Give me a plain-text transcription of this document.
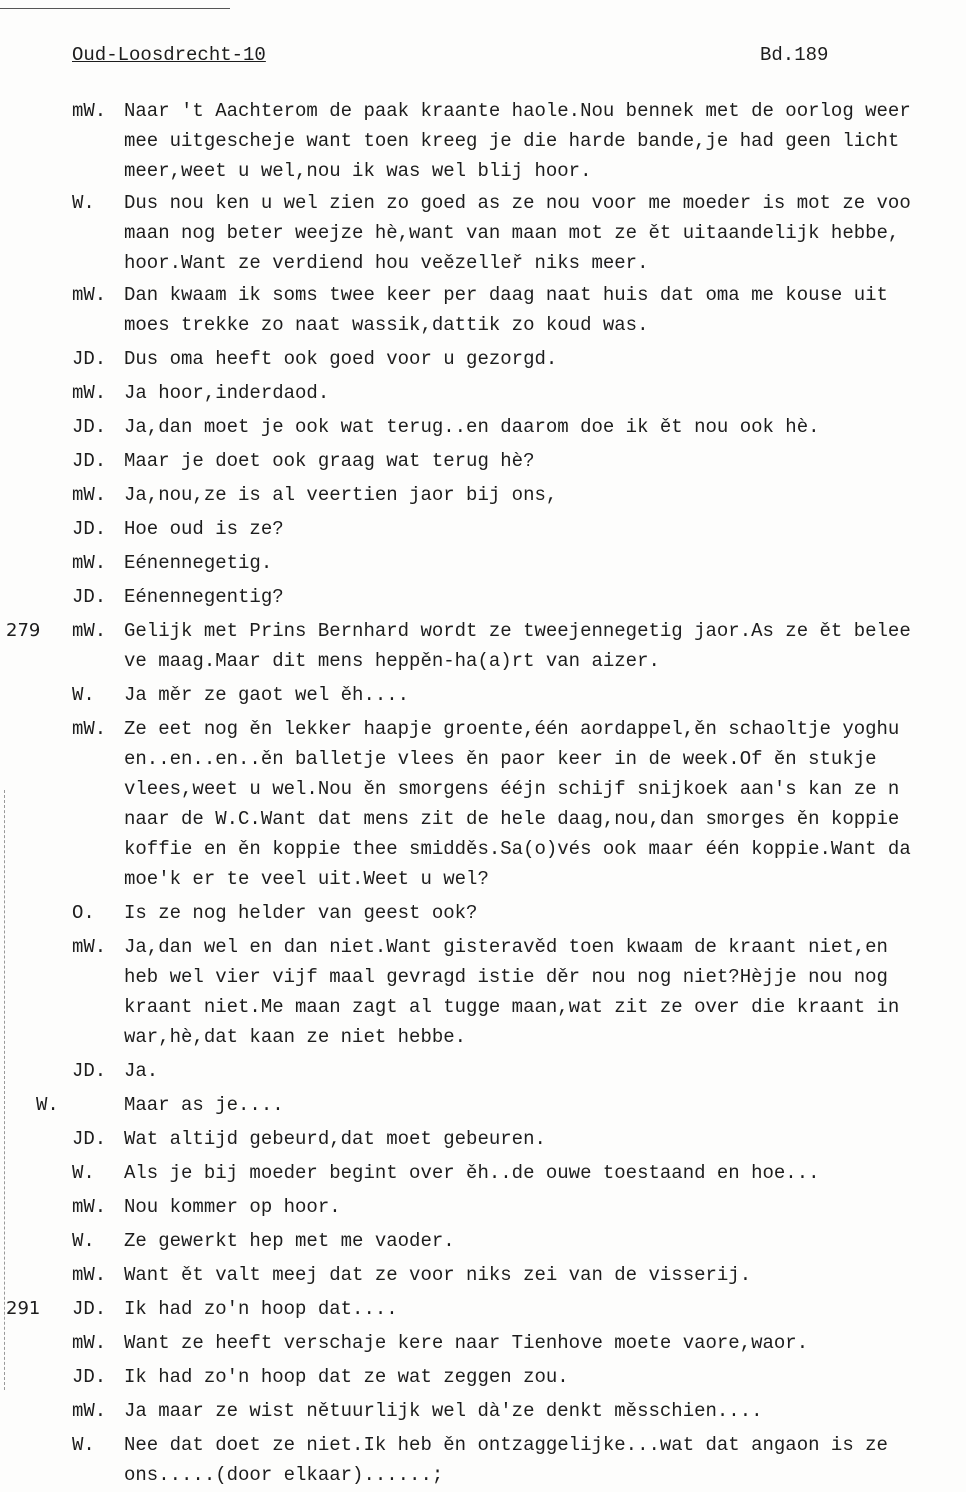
Oud-Loosdrecht-10	Bd.189
Naar 't Aachterom de paak kraante haole.Nou bennek met de oorlog weer
mW.
mee uitgescheje want toen kreeg je die harde bande,je had geen licht
meer,weet u wel,nou ik was wel blij hoor.
Dus nou ken u wel zien zo goed as ze nou voor me moeder is mot ze voo
W.
maan nog beter weejze hè,want van maan mot ze ět uitaandelijk hebbe,
hoor.Want ze verdiend hou veězelleř niks meer.
Dan kwaam ik soms twee keer per daag naat huis dat oma me kouse uit
mW.
moes trekke zo naat wassik,dattik zo koud was.
Dus oma heeft ook goed voor u gezorgd.
JD.
Ja hoor,inderdaod.
mW.
Ja,dan moet je ook wat terug..en daarom doe ik ět nou ook hè.
JD.
Maar je doet ook graag wat terug hè?
JD.
Ja,nou,ze is al veertien jaor bij ons,
mW.
Hoe oud is ze?
JD.
Eénennegetig.
mW.
Eénennegentig?
JD.
Gelijk met Prins Bernhard wordt ze tweejennegetig jaor.As ze ět belee
mW.
279
ve maag.Maar dit mens heppěn-ha(a)rt van aizer.
Ja měr ze gaot wel ěh....
W.
Ze eet nog ěn lekker haapje groente,één aordappel,ěn schaoltje yoghu
mW.
en..en..en..ěn balletje vlees ěn paor keer in de week.Of ěn stukje
vlees,weet u wel.Nou ěn smorgens ééjn schijf snijkoek aan's kan ze n
naar de W.C.Want dat mens zit de hele daag,nou,dan smorges ěn koppie
koffie en ěn koppie thee smidděs.Sa(o)vés ook maar één koppie.Want da
moe'k er te veel uit.Weet u wel?
Is ze nog helder van geest ook?
O.
Ja,dan wel en dan niet.Want gisteravěd toen kwaam de kraant niet,en
mW.
heb wel vier vijf maal gevragd istie děr nou nog niet?Hèjje nou nog
kraant niet.Me maan zagt al tugge maan,wat zit ze over die kraant in
war,hè,dat kaan ze niet hebbe.
Ja.
JD.
Maar as je....
W.
Wat altijd gebeurd,dat moet gebeuren.
JD.
Als je bij moeder begint over ěh..de ouwe toestaand en hoe...
W.
Nou kommer op hoor.
mW.
Ze gewerkt hep met me vaoder.
W.
Want ět valt meej dat ze voor niks zei van de visserij.
mW.
Ik had zo'n hoop dat....
JD.
291
Want ze heeft verschaje kere naar Tienhove moete vaore,waor.
mW.
Ik had zo'n hoop dat ze wat zeggen zou.
JD.
Ja maar ze wist nětuurlijk wel dà'ze denkt měsschien....
mW.
Nee dat doet ze niet.Ik heb ěn ontzaggelijke...wat dat angaon is ze
W.
ons.....(door elkaar)......;
